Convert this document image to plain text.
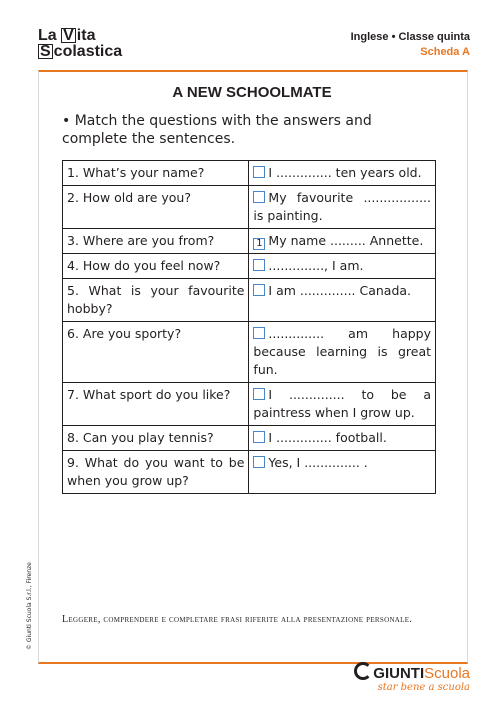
La V ita
S colastica
Inglese • Classe quinta
Scheda A
A NEW SCHOOLMATE
• Match the questions with the answers and complete the sentences.
1. What’s your name?	I .............. ten years old.
2. How old are you?	My favourite ................. is painting.
3. Where are you from?	1 My name ......... Annette.
4. How do you feel now?	.............., I am.
5. What is your favourite hobby?	I am .............. Canada.
6. Are you sporty?	.............. am happy because learning is great fun.
7. What sport do you like?	I .............. to be a paintress when I grow up.
8. Can you play tennis?	I .............. football.
9. What do you want to be when you grow up?	Yes, I .............. .
© Giunti Scuola S.r.l., Firenze	Leggere, comprendere e completare frasi riferite alla presentazione personale.
GIUNTIScuola
star bene a scuola
